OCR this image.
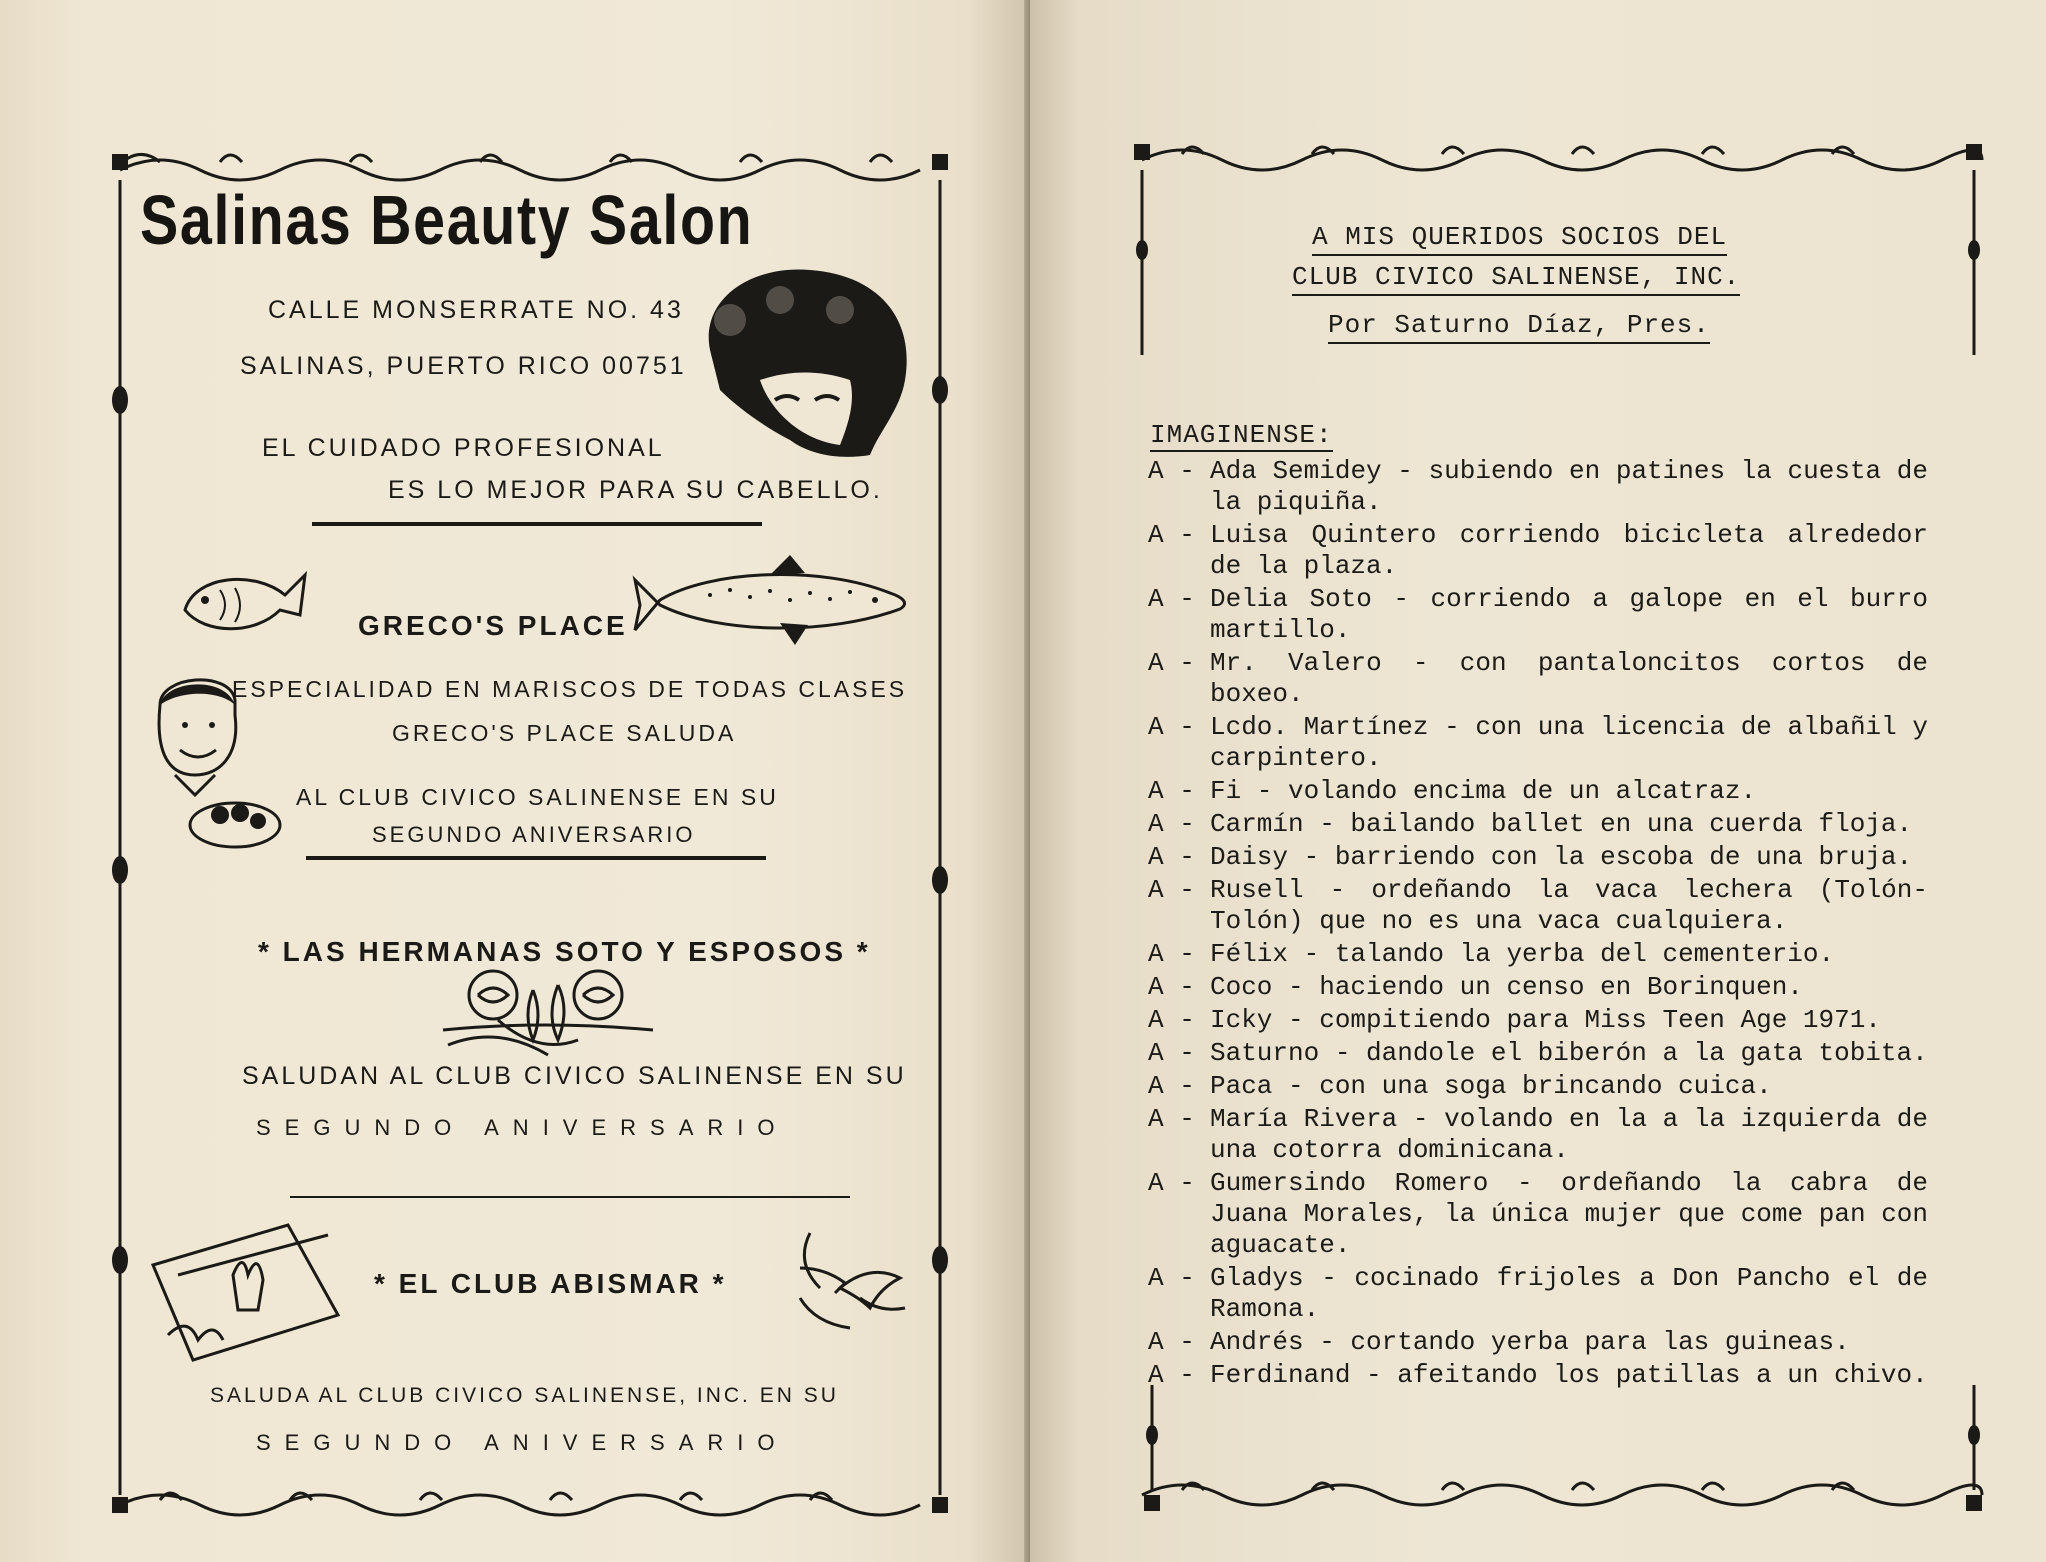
Salinas Beauty Salon
CALLE MONSERRATE NO. 43
SALINAS, PUERTO RICO 00751
EL CUIDADO PROFESIONAL
ES LO MEJOR PARA SU CABELLO.
GRECO'S PLACE
ESPECIALIDAD EN MARISCOS DE TODAS CLASES
GRECO'S PLACE SALUDA
AL CLUB CIVICO SALINENSE EN SU
SEGUNDO ANIVERSARIO
* LAS HERMANAS SOTO Y ESPOSOS *
SALUDAN AL CLUB CIVICO SALINENSE EN SU
SEGUNDO ANIVERSARIO
* EL CLUB ABISMAR *
SALUDA AL CLUB CIVICO SALINENSE, INC. EN SU
SEGUNDO ANIVERSARIO
A MIS QUERIDOS SOCIOS DEL
CLUB CIVICO SALINENSE, INC.
Por Saturno Díaz, Pres.
IMAGINENSE:
A - Ada Semidey - subiendo en patines la cuesta de la piquiña.
A - Luisa Quintero corriendo bicicleta alrededor de la plaza.
A - Delia Soto - corriendo a galope en el burro martillo.
A - Mr. Valero - con pantaloncitos cortos de boxeo.
A - Lcdo. Martínez - con una licencia de albañil y carpintero.
A - Fi - volando encima de un alcatraz.
A - Carmín - bailando ballet en una cuerda floja.
A - Daisy - barriendo con la escoba de una bruja.
A - Rusell - ordeñando la vaca lechera (Tolón-Tolón) que no es una vaca cualquiera.
A - Félix - talando la yerba del cementerio.
A - Coco - haciendo un censo en Borinquen.
A - Icky - compitiendo para Miss Teen Age 1971.
A - Saturno - dandole el biberón a la gata tobita.
A - Paca - con una soga brincando cuica.
A - María Rivera - volando en la a la izquierda de una cotorra dominicana.
A - Gumersindo Romero - ordeñando la cabra de Juana Morales, la única mujer que come pan con aguacate.
A - Gladys - cocinado frijoles a Don Pancho el de Ramona.
A - Andrés - cortando yerba para las guineas.
A - Ferdinand - afeitando los patillas a un chivo.
